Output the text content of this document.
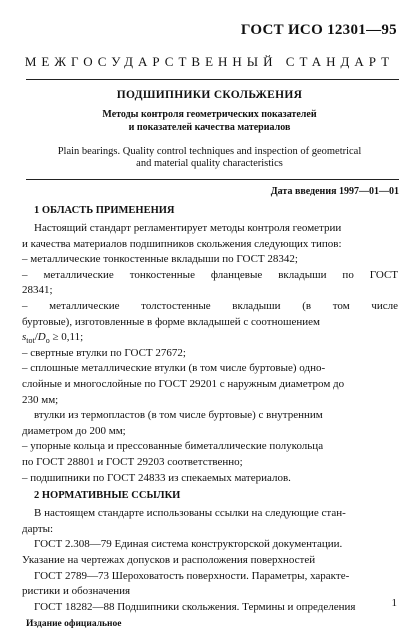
ГОСТ ИСО 12301—95
МЕЖГОСУДАРСТВЕННЫЙ СТАНДАРТ
ПОДШИПНИКИ СКОЛЬЖЕНИЯ
Методы контроля геометрических показателей
и показателей качества материалов
Plain bearings. Quality control techniques and inspection of geometrical
and material quality characteristics
Дата введения 1997—01—01
1 ОБЛАСТЬ ПРИМЕНЕНИЯ
Настоящий стандарт регламентирует методы контроля геометрии
и качества материалов подшипников скольжения следующих типов:
– металлические тонкостенные вкладыши по ГОСТ 28342;
– металлические тонкостенные фланцевые вкладыши по ГОСТ
28341;
– металлические толстостенные вкладыши (в том числе
буртовые), изготовленные в форме вкладышей с соотношением
$s_{tot}/D_o \ge 0,11$;
– свертные втулки по ГОСТ 27672;
– сплошные металлические втулки (в том числе буртовые) одно-
слойные и многослойные по ГОСТ 29201 с наружным диаметром до
230 мм;
втулки из термопластов (в том числе буртовые) с внутренним
диаметром до 200 мм;
– упорные кольца и прессованные биметаллические полукольца
по ГОСТ 28801 и ГОСТ 29203 соответственно;
– подшипники по ГОСТ 24833 из спекаемых материалов.
2 НОРМАТИВНЫЕ ССЫЛКИ
В настоящем стандарте использованы ссылки на следующие стан-
дарты:
ГОСТ 2.308—79 Единая система конструкторской документации.
Указание на чертежах допусков и расположения поверхностей
ГОСТ 2789—73 Шероховатость поверхности. Параметры, характе-
ристики и обозначения
ГОСТ 18282—88 Подшипники скольжения. Термины и определения
Издание официальное
1
